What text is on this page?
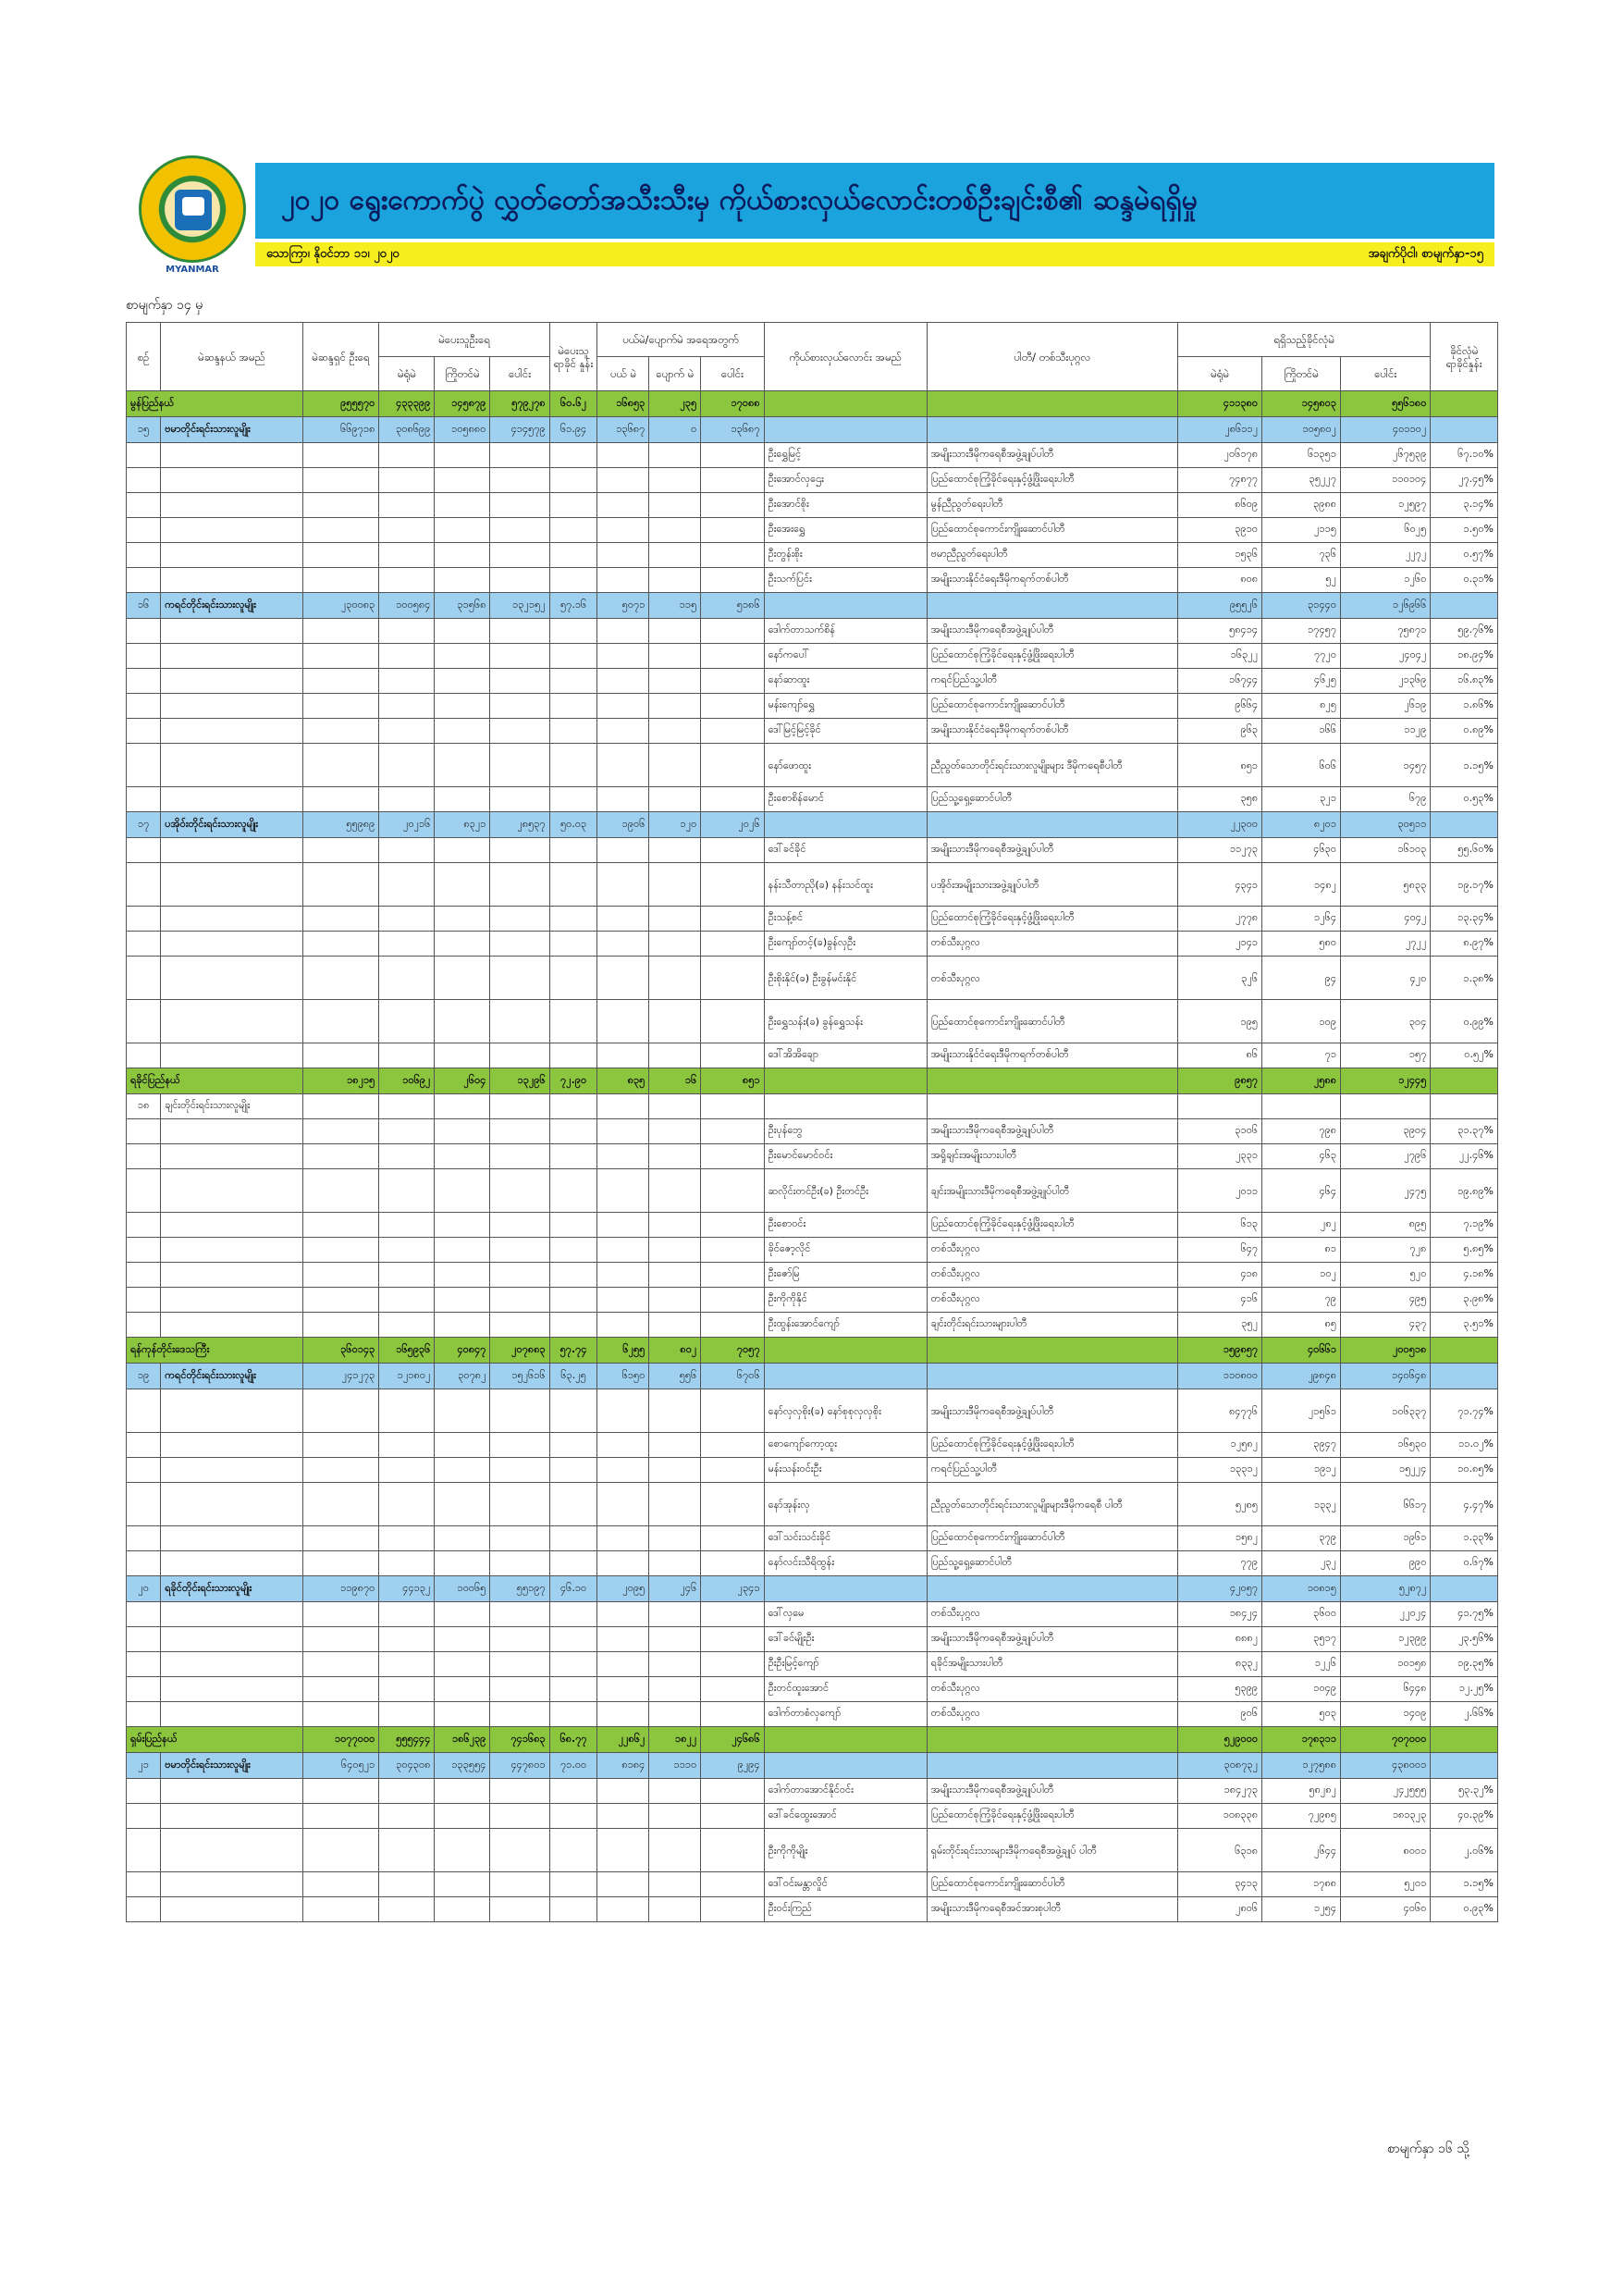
MYANMAR
၂၀၂၀ ရွေးကောက်ပွဲ လွှတ်တော်အသီးသီးမှ ကိုယ်စားလှယ်လောင်းတစ်ဦးချင်းစီ၏ ဆန္ဒမဲရရှိမှု
သောကြာ၊ နိုဝင်ဘာ ၁၁၊ ၂၀၂၀	အချက်ပိုငါ၊ စာမျက်နှာ-၁၅
စာမျက်နှာ ၁၄ မှ
စဉ်	မဲဆန္ဒနယ် အမည်	မဲဆန္ဒရှင် ဦးရေ	မဲပေးသူဦးရေ			မဲပေးသူ ရာခိုင် နှုန်း	ပယ်မဲ/ပျောက်မဲ အရေအတွက်			ကိုယ်စားလှယ်လောင်း အမည်	ပါတီ/ တစ်သီးပုဂ္ဂလ	ရရှိသည့်ခိုင်လုံမဲ			ခိုင်လုံမဲ ရာခိုင်နှုန်း
			မဲရုံမဲ	ကြိုတင်မဲ	ပေါင်း		ပယ် မဲ	ပျောက် မဲ	ပေါင်း			မဲရုံမဲ	ကြိုတင်မဲ	ပေါင်း	
မွန်ပြည်နယ်		၉၅၅၅၇၀	၄၃၃၃၉၉	၁၄၅၈၇၉	၅၇၉၂၇၈	၆၀.၆၂	၁၆၈၅၃	၂၃၅	၁၇၀၈၈			၄၁၁၃၈၀	၁၄၅၈၀၃	၅၅၆၁၈၀	
၁၅	ဗမာတိုင်းရင်းသားလူမျိုး	၆၆၉၇၁၈	၃၀၈၆၉၉	၁၀၅၈၈၀	၄၁၄၅၇၉	၆၁.၉၄	၁၃၆၈၇	၀	၁၃၆၈၇			၂၈၆၁၁၂	၁၀၅၈၀၂	၄၀၁၁၀၂	
										ဦးရွှေမြင့်	အမျိုးသားဒီမိုကရေစီအဖွဲ့ချုပ်ပါတီ	၂၀၆၁၇၈	၆၁၃၅၁	၂၆၇၅၃၉	၆၇.၁၀%
										ဦးအောင်လှဌေး	ပြည်ထောင်စုကြံ့ခိုင်ရေးနှင့်ဖွံ့ဖြိုးရေးပါတီ	၇၄၈၇၇	၃၅၂၂၇	၁၁၀၁၀၄	၂၇.၄၅%
										ဦးအောင်စိုး	မွန်ညီညွတ်ရေးပါတီ	၈၆၀၉	၃၉၈၈	၁၂၅၉၇	၃.၁၄%
										ဦးအေးရွှေ	ပြည်ထောင်စုကောင်းကျိုးဆောင်ပါတီ	၃၉၁၀	၂၁၁၅	၆၀၂၅	၁.၅၀%
										ဦးတွန်းစိုး	ဗမာညီညွတ်ရေးပါတီ	၁၅၃၆	၇၃၆	၂၂၇၂	၀.၅၇%
										ဦးသက်ပြင်း	အမျိုးသားနိုင်ငံရေးဒီမိုကရက်တစ်ပါတီ	၈၀၈	၅၂	၁၂၆၀	၀.၃၁%
၁၆	ကရင်တိုင်းရင်းသားလူမျိုး	၂၃၀၀၈၃	၁၀၀၅၈၄	၃၁၅၆၈	၁၃၂၁၅၂	၅၇.၁၆	၅၀၇၁	၁၁၅	၅၁၈၆			၉၅၅၂၆	၃၁၄၄၀	၁၂၆၉၆၆	
										ဒေါက်တာသက်စိန်	အမျိုးသားဒီမိုကရေစီအဖွဲ့ချုပ်ပါတီ	၅၈၄၁၄	၁၇၄၅၇	၇၅၈၇၁	၅၉.၇၆%
										နော်ကပေါ်	ပြည်ထောင်စုကြံ့ခိုင်ရေးနှင့်ဖွံ့ဖြိုးရေးပါတီ	၁၆၃၂၂	၇၇၂၀	၂၄၀၄၂	၁၈.၉၄%
										နော်ဆာထူး	ကရင်ပြည်သူ့ပါတီ	၁၆၇၄၄	၄၆၂၅	၂၁၃၆၉	၁၆.၈၃%
										မန်းကျော်ရွှေ	ပြည်ထောင်စုကောင်းကျိုးဆောင်ပါတီ	၉၆၆၄	၈၂၅	၂၆၁၉	၁.၈၆%
										ဒေါ်မြင့်မြင့်ခိုင်	အမျိုးသားနိုင်ငံရေးဒီမိုကရက်တစ်ပါတီ	၉၆၃	၁၆၆	၁၁၂၉	၀.၈၉%
										နော်ဖောထူး	ညီညွတ်သောတိုင်းရင်းသားလူမျိုးများ ဒီမိုကရေစီပါတီ	၈၅၁	၆၀၆	၁၄၅၇	၁.၁၅%
										ဦးစောစိန်မောင်	ပြည်သူ့ရှေ့ဆောင်ပါတီ	၃၅၈	၃၂၁	၆၇၉	၀.၅၃%
၁၇	ပအိုဝ်းတိုင်းရင်းသားလူမျိုး	၅၅၉၈၉	၂၀၂၁၆	၈၃၂၁	၂၈၅၃၇	၅၀.၀၃	၁၉၀၆	၁၂၀	၂၀၂၆			၂၂၃၀၀	၈၂၀၁	၃၀၅၁၁	
										ဒေါ်ခင်ခိုင်	အမျိုးသားဒီမိုကရေစီအဖွဲ့ချုပ်ပါတီ	၁၁၂၇၃	၄၆၃၀	၁၆၁၀၃	၅၅.၆၀%
										နန်းသီတာညို(ခ) နန်းသင်ထူး	ပအိုဝ်းအမျိုးသားအဖွဲ့ချုပ်ပါတီ	၄၃၄၁	၁၄၈၂	၅၈၃၃	၁၉.၁၇%
										ဦးသန့်စင်	ပြည်ထောင်စုကြံ့ခိုင်ရေးနှင့်ဖွံ့ဖြိုးရေးပါတီ	၂၇၇၈	၁၂၆၄	၄၀၄၂	၁၃.၃၄%
										ဦးကျော်တင့်(ခ)ခွန်လှဦး	တစ်သီးပုဂ္ဂလ	၂၁၄၁	၅၈၀	၂၇၂၂	၈.၉၇%
										ဦးစိုးနိုင်(ခ) ဦးခွန်မင်းနိုင်	တစ်သီးပုဂ္ဂလ	၃၂၆	၉၄	၄၂၀	၁.၃၈%
										ဦးရွှေသန်း(ခ) ခွန်ရွှေသန်း	ပြည်ထောင်စုကောင်းကျိုးဆောင်ပါတီ	၁၉၅	၁၀၉	၃၀၄	၀.၉၉%
										ဒေါ်အိအိချော	အမျိုးသားနိုင်ငံရေးဒီမိုကရက်တစ်ပါတီ	၈၆	၇၁	၁၅၇	၀.၅၂%
ရခိုင်ပြည်နယ်		၁၈၂၁၅	၁၀၆၉၂	၂၆၀၄	၁၃၂၉၆	၇၂.၉၀	၈၃၅	၁၆	၈၅၁			၉၈၅၇	၂၅၈၈	၁၂၄၄၅	
၁၈	ချင်းတိုင်းရင်းသားလူမျိုး														
										ဦးပုန်ဘွေ	အမျိုးသားဒီမိုကရေစီအဖွဲ့ချုပ်ပါတီ	၃၁၀၆	၇၉၈	၃၉၀၄	၃၁.၃၇%
										ဦးမောင်မောင်ဝင်း	အရှိုချင်းအမျိုးသားပါတီ	၂၃၃၁	၄၆၃	၂၇၉၆	၂၂.၄၆%
										ဆလိုင်းတင်ဦး(ခ) ဦးတင်ဦး	ချင်းအမျိုးသားဒီမိုကရေစီအဖွဲ့ချုပ်ပါတီ	၂၀၁၁	၄၆၄	၂၄၇၅	၁၉.၈၉%
										ဦးစောဝင်း	ပြည်ထောင်စုကြံ့ခိုင်ရေးနှင့်ဖွံ့ဖြိုးရေးပါတီ	၆၁၃	၂၈၂	၈၉၅	၇.၁၉%
										ခိုင်ဇော့လိုင်	တစ်သီးပုဂ္ဂလ	၆၄၇	၈၁	၇၂၈	၅.၈၅%
										ဦးဇော်မြ	တစ်သီးပုဂ္ဂလ	၄၁၈	၁၀၂	၅၂၀	၄.၁၈%
										ဦးကိုကိုနိုင်	တစ်သီးပုဂ္ဂလ	၄၁၆	၇၉	၄၉၅	၃.၉၈%
										ဦးထွန်းအောင်ကျော်	ချင်းတိုင်းရင်းသားများပါတီ	၃၅၂	၈၅	၄၃၇	၃.၅၁%
ရန်ကုန်တိုင်းဒေသကြီး		၃၆၀၁၄၃	၁၆၅၉၃၆	၄၀၈၄၇	၂၀၇၈၈၃	၅၇.၇၄	၆၂၅၅	၈၀၂	၇၀၅၇			၁၅၉၈၅၇	၄၀၆၆၁	၂၀၀၅၁၈	
၁၉	ကရင်တိုင်းရင်းသားလူမျိုး	၂၄၁၂၇၃	၁၂၁၈၀၂	၃၀၇၈၂	၁၅၂၆၁၆	၆၃.၂၅	၆၁၅၀	၅၅၆	၆၇၀၆			၁၁၀၈၀၀	၂၉၈၄၈	၁၄၀၆၄၈	
										နော်လှလှစိုး(ခ) နော်စုစုလှလှစိုး	အမျိုးသားဒီမိုကရေစီအဖွဲ့ချုပ်ပါတီ	၈၄၇၇၆	၂၁၅၆၁	၁၀၆၃၃၇	၇၁.၇၄%
										စောကျော်ကော့ထူး	ပြည်ထောင်စုကြံ့ခိုင်ရေးနှင့်ဖွံ့ဖြိုးရေးပါတီ	၁၂၅၈၂	၃၉၄၇	၁၆၅၃၀	၁၁.၀၂%
										မန်းသန်းဝင်းဦး	ကရင်ပြည်သူ့ပါတီ	၁၃၃၁၂	၁၉၁၂	၁၅၂၂၄	၁၀.၈၅%
										နော်အုန်းလှ	ညီညွတ်သောတိုင်းရင်းသားလူမျိုးများဒီမိုကရေစီ ပါတီ	၅၂၈၅	၁၃၃၂	၆၆၁၇	၄.၄၇%
										ဒေါ်သင်းသင်းခိုင်	ပြည်ထောင်စုကောင်းကျိုးဆောင်ပါတီ	၁၅၈၂	၃၇၉	၁၉၆၁	၁.၃၃%
										နော်လင်းသီရိထွန်း	ပြည်သူ့ရှေ့ဆောင်ပါတီ	၇၇၉	၂၃၂	၉၉၀	၀.၆၇%
၂၀	ရခိုင်တိုင်းရင်းသားလူမျိုး	၁၁၉၈၇၀	၄၄၁၃၂	၁၀၀၆၅	၅၅၁၉၇	၄၆.၁၀	၂၀၉၅	၂၄၆	၂၃၄၁			၄၂၀၅၇	၁၀၈၁၅	၅၂၈၇၂	
										ဒေါ်လှမေ	တစ်သီးပုဂ္ဂလ	၁၈၄၂၄	၃၆၀၀	၂၂၀၂၄	၄၁.၇၅%
										ဒေါ်ခင်မျိုးဦး	အမျိုးသားဒီမိုကရေစီအဖွဲ့ချုပ်ပါတီ	၈၈၈၂	၃၅၁၇	၁၂၃၉၉	၂၃.၅၆%
										ဦးဦးမြင့်ကျော်	ရခိုင်အမျိုးသားပါတီ	၈၃၃၂	၁၂၂၆	၁၀၁၅၈	၁၉.၃၅%
										ဦးတင်ထူးအောင်	တစ်သီးပုဂ္ဂလ	၅၃၉၉	၁၀၄၉	၆၄၄၈	၁၂.၂၅%
										ဒေါက်တာစံလှကျော်	တစ်သီးပုဂ္ဂလ	၉၀၆	၅၀၃	၁၄၀၉	၂.၆၆%
ရှမ်းပြည်နယ်		၁၀၇၇၀၀၀	၅၅၅၄၄၄	၁၈၆၂၃၉	၇၄၁၆၈၃	၆၈.၇၇	၂၂၈၆၂	၁၈၂၂	၂၄၆၈၆			၅၂၉၀၀၀	၁၇၈၃၁၁	၇၀၇၀၀၀	
၂၁	ဗမာတိုင်းရင်းသားလူမျိုး	၆၄၀၅၂၁	၃၀၄၃၀၈	၁၃၃၅၅၄	၄၄၇၈၀၁	၇၁.၀၀	၈၁၈၄	၁၁၁၀	၉၂၉၄			၃၀၈၇၃၂	၁၂၇၅၈၈	၄၃၈၀၀၁	
										ဒေါက်တာအောင်နိုင်ဝင်း	အမျိုးသားဒီမိုကရေစီအဖွဲ့ချုပ်ပါတီ	၁၈၄၂၇၃	၅၈၂၈၂	၂၄၂၅၅၅	၅၃.၃၂%
										ဒေါ်ခင်ထွေးအောင်	ပြည်ထောင်စုကြံ့ခိုင်ရေးနှင့်ဖွံ့ဖြိုးရေးပါတီ	၁၀၈၃၃၈	၇၂၉၈၅	၁၈၁၃၂၃	၄၀.၃၉%
										ဦးကိုကိုမျိုး	ရှမ်းတိုင်းရင်းသားများဒီမိုကရေစီအဖွဲ့ချုပ် ပါတီ	၆၃၁၈	၂၆၄၄	၈၀၀၁	၂.၀၆%
										ဒေါ်ဝင်းမန္တာလှိုင်	ပြည်ထောင်စုကောင်းကျိုးဆောင်ပါတီ	၃၄၁၃	၁၇၈၈	၅၂၀၁	၁.၁၅%
										ဦးဝင်းကြည်	အမျိုးသားဒီမိုကရေစီအင်အားစုပါတီ	၂၈၀၆	၁၂၅၄	၄၀၆၀	၀.၉၃%
စာမျက်နှာ ၁၆ သို့
